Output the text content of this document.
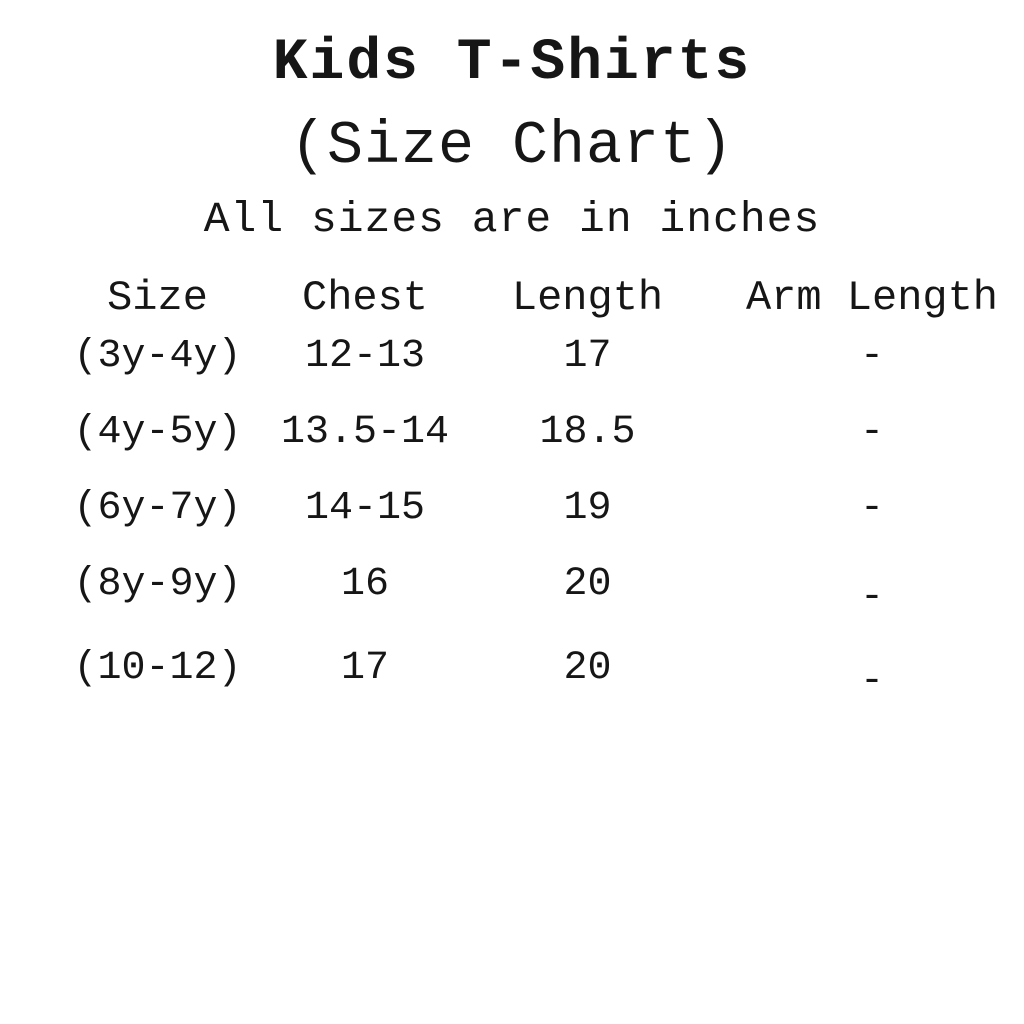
Kids T-Shirts
(Size Chart)
All sizes are in inches
Size	Chest	Length	Arm Length
(3y-4y)	12-13	17	-
(4y-5y) 13.5-14	18.5	-
(6y-7y)	14-15	19	-
(8y-9y)	16	20	-
(10-12)	17	20	-
